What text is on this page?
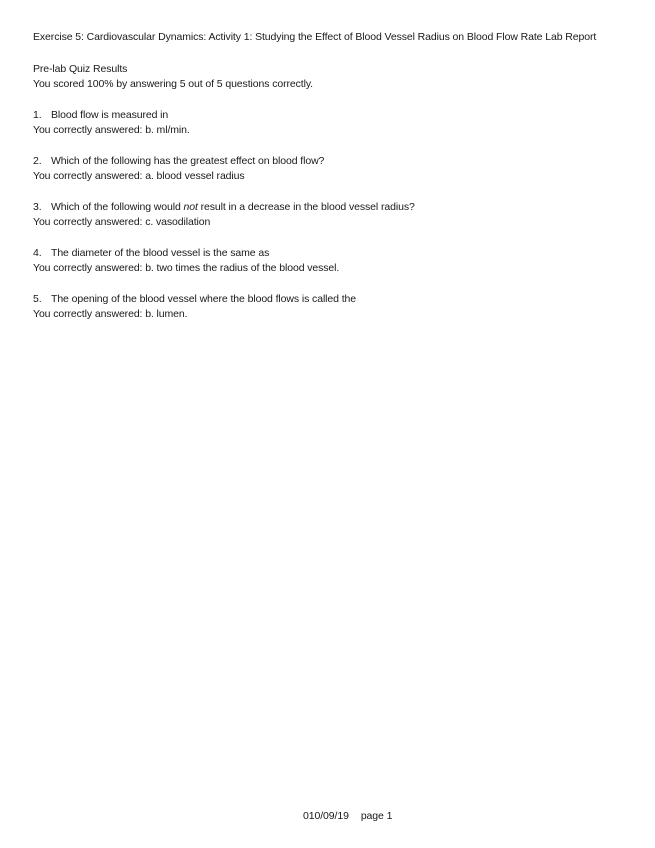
Exercise 5: Cardiovascular Dynamics: Activity 1: Studying the Effect of Blood Vessel Radius on Blood Flow Rate Lab Report
Pre-lab Quiz Results
You scored 100% by answering 5 out of 5 questions correctly.
1. Blood flow is measured in
You correctly answered: b. ml/min.
2. Which of the following has the greatest effect on blood flow?
You correctly answered: a. blood vessel radius
3. Which of the following would not result in a decrease in the blood vessel radius?
You correctly answered: c. vasodilation
4. The diameter of the blood vessel is the same as
You correctly answered: b. two times the radius of the blood vessel.
5. The opening of the blood vessel where the blood flows is called the
You correctly answered: b. lumen.
010/09/19 page 1
